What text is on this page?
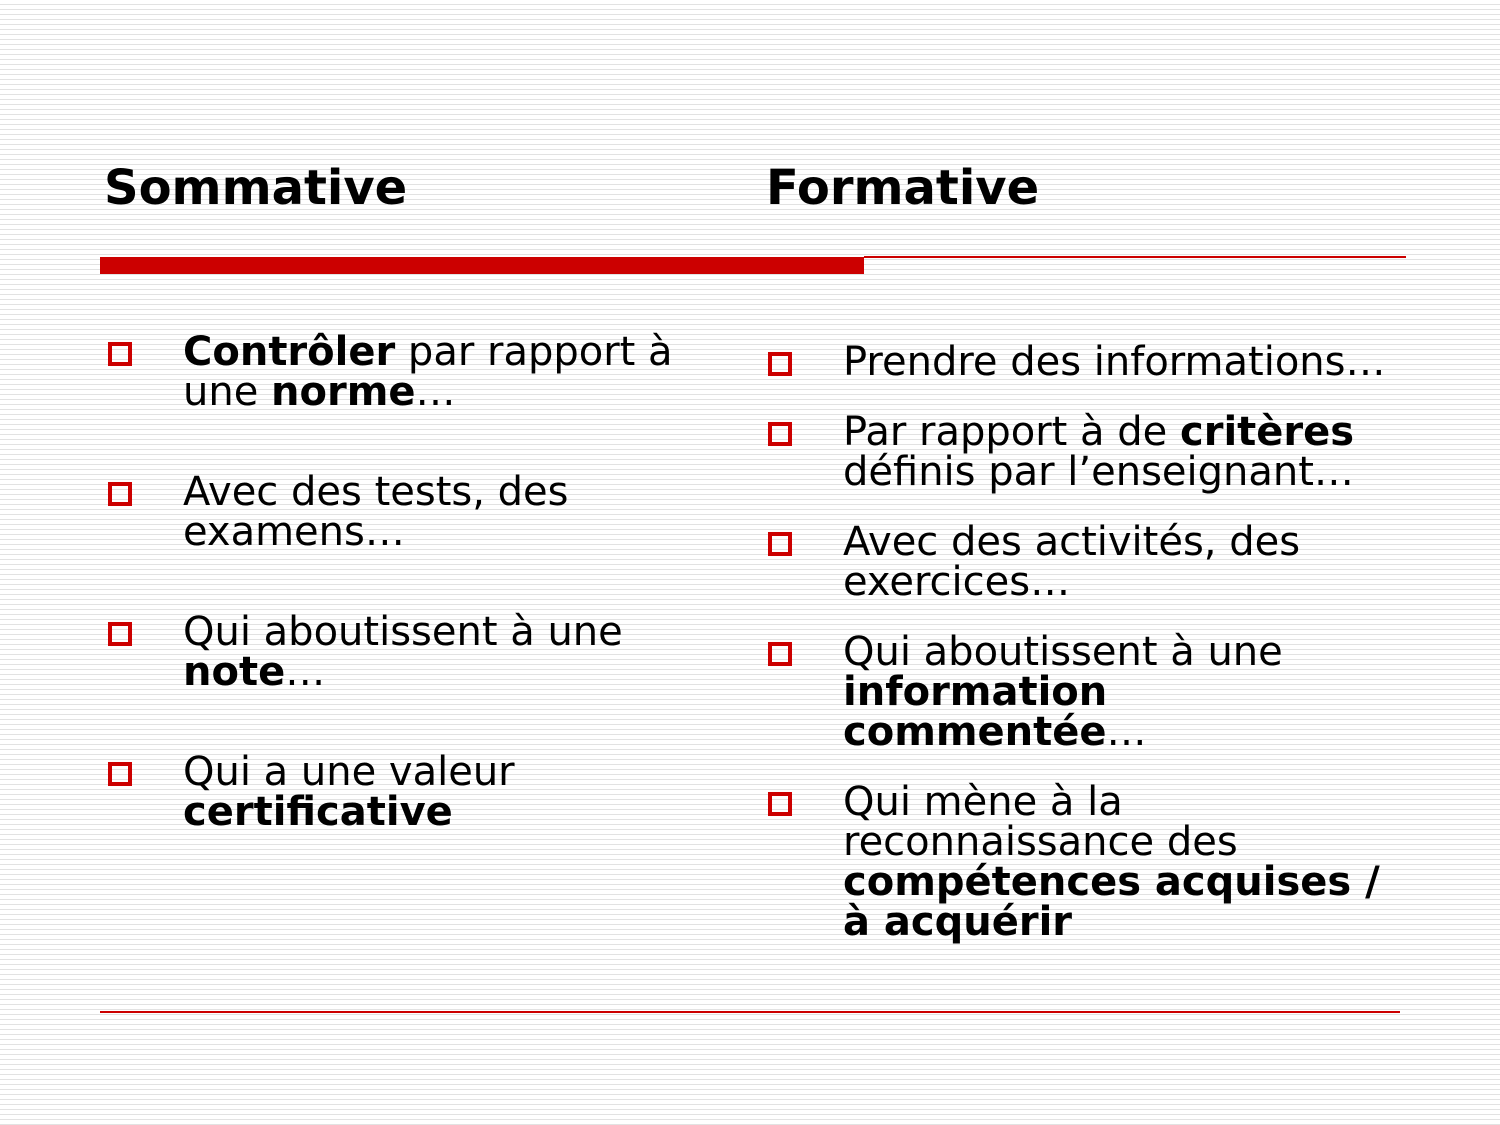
Sommative	Formative
Contrôler par rapport à
une norme…
Avec des tests, des
examens…
Qui aboutissent à une
note…
Qui a une valeur
certificative
Prendre des informations…
Par rapport à de critères
définis par l’enseignant…
Avec des activités, des
exercices…
Qui aboutissent à une
information
commentée…
Qui mène à la
reconnaissance des
compétences acquises /
à acquérir
